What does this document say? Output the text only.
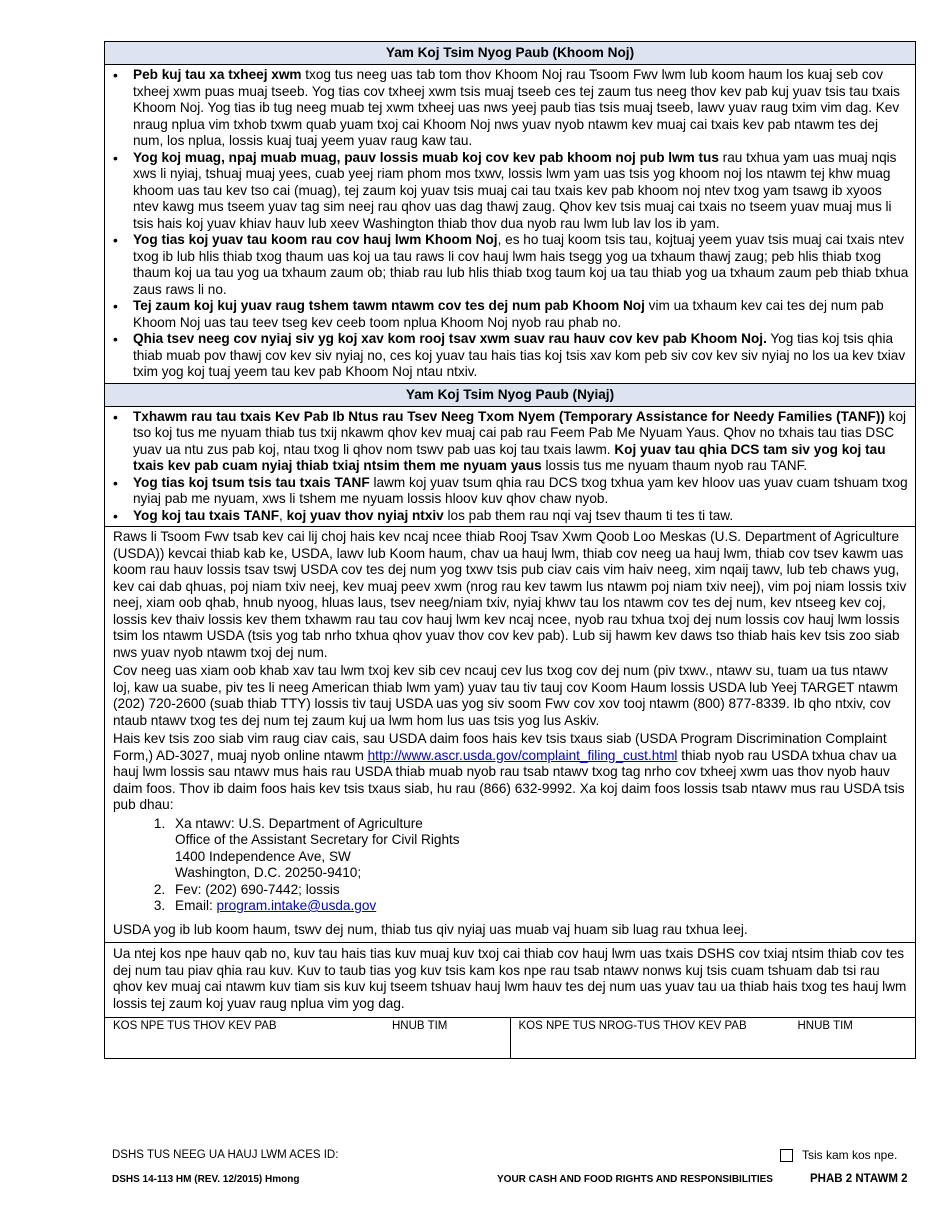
Yam Koj Tsim Nyog Paub (Khoom Noj)
• Peb kuj tau xa txheej xwm txog tus neeg uas tab tom thov Khoom Noj rau Tsoom Fwv lwm lub koom haum los kuaj seb cov txheej xwm puas muaj tseeb. Yog tias cov txheej xwm tsis muaj tseeb ces tej zaum tus neeg thov kev pab kuj yuav tsis tau txais Khoom Noj. Yog tias ib tug neeg muab tej xwm txheej uas nws yeej paub tias tsis muaj tseeb, lawv yuav raug txim vim dag. Kev nraug nplua vim txhob txwm quab yuam txoj cai Khoom Noj nws yuav nyob ntawm kev muaj cai txais kev pab ntawm tes dej num, los nplua, lossis kuaj tuaj yeem yuav raug kaw tau.
• Yog koj muag, npaj muab muag, pauv lossis muab koj cov kev pab khoom noj pub lwm tus rau txhua yam uas muaj nqis xws li nyiaj, tshuaj muaj yees, cuab yeej riam phom mos txwv, lossis lwm yam uas tsis yog khoom noj los ntawm tej khw muag khoom uas tau kev tso cai (muag), tej zaum koj yuav tsis muaj cai tau txais kev pab khoom noj ntev txog yam tsawg ib xyoos ntev kawg mus tseem yuav tag sim neej rau qhov uas dag thawj zaug. Qhov kev tsis muaj cai txais no tseem yuav muaj mus li tsis hais koj yuav khiav hauv lub xeev Washington thiab thov dua nyob rau lwm lub lav los ib yam.
• Yog tias koj yuav tau koom rau cov hauj lwm Khoom Noj, es ho tuaj koom tsis tau, kojtuaj yeem yuav tsis muaj cai txais ntev txog ib lub hlis thiab txog thaum uas koj ua tau raws li cov hauj lwm hais tsegg yog ua txhaum thawj zaug; peb hlis thiab txog thaum koj ua tau yog ua txhaum zaum ob; thiab rau lub hlis thiab txog taum koj ua tau thiab yog ua txhaum zaum peb thiab txhua zaus raws li no.
• Tej zaum koj kuj yuav raug tshem tawm ntawm cov tes dej num pab Khoom Noj vim ua txhaum kev cai tes dej num pab Khoom Noj uas tau teev tseg kev ceeb toom nplua Khoom Noj nyob rau phab no.
• Qhia tsev neeg cov nyiaj siv yg koj xav kom rooj tsav xwm suav rau hauv cov kev pab Khoom Noj. Yog tias koj tsis qhia thiab muab pov thawj cov kev siv nyiaj no, ces koj yuav tau hais tias koj tsis xav kom peb siv cov kev siv nyiaj no los ua kev txiav txim yog koj tuaj yeem tau kev pab Khoom Noj ntau ntxiv.
Yam Koj Tsim Nyog Paub (Nyiaj)
• Txhawm rau tau txais Kev Pab Ib Ntus rau Tsev Neeg Txom Nyem (Temporary Assistance for Needy Families (TANF)) koj tso koj tus me nyuam thiab tus txij nkawm qhov kev muaj cai pab rau Feem Pab Me Nyuam Yaus. Qhov no txhais tau tias DSC yuav ua ntu zus pab koj, ntau txog li qhov nom tswv pab uas koj tau txais lawm. Koj yuav tau qhia DCS tam siv yog koj tau txais kev pab cuam nyiaj thiab txiaj ntsim them me nyuam yaus lossis tus me nyuam thaum nyob rau TANF.
• Yog tias koj tsum tsis tau txais TANF lawm koj yuav tsum qhia rau DCS txog txhua yam kev hloov uas yuav cuam tshuam txog nyiaj pab me nyuam, xws li tshem me nyuam lossis hloov kuv qhov chaw nyob.
• Yog koj tau txais TANF, koj yuav thov nyiaj ntxiv los pab them rau nqi vaj tsev thaum ti tes ti taw.

Raws li Tsoom Fwv tsab kev cai lij choj hais kev ncaj ncee thiab Rooj Tsav Xwm Qoob Loo Meskas (U.S. Department of Agriculture (USDA)) kevcai thiab kab ke, USDA, lawv lub Koom haum, chav ua hauj lwm, thiab cov neeg ua hauj lwm, thiab cov tsev kawm uas koom rau hauv lossis tsav tswj USDA cov tes dej num yog txwv tsis pub ciav cais vim haiv neeg, xim nqaij tawv, lub teb chaws yug, kev cai dab qhuas, poj niam txiv neej, kev muaj peev xwm (nrog rau kev tawm lus ntawm poj niam txiv neej), vim poj niam lossis txiv neej, xiam oob qhab, hnub nyoog, hluas laus, tsev neeg/niam txiv, nyiaj khwv tau los ntawm cov tes dej num, kev ntseeg kev coj, lossis kev thaiv lossis kev them txhawm rau tau cov hauj lwm kev ncaj ncee, nyob rau txhua txoj dej num lossis cov hauj lwm lossis tsim los ntawm USDA (tsis yog tab nrho txhua qhov yuav thov cov kev pab). Lub sij hawm kev daws tso thiab hais kev tsis zoo siab nws yuav nyob ntawm txoj dej num.

Cov neeg uas xiam oob khab xav tau lwm txoj kev sib cev ncauj cev lus txog cov dej num (piv txwv., ntawv su, tuam ua tus ntawv loj, kaw ua suabe, piv tes li neeg American thiab lwm yam) yuav tau tiv tauj cov Koom Haum lossis USDA lub Yeej TARGET ntawm (202) 720-2600 (suab thiab TTY) lossis tiv tauj USDA uas yog siv soom Fwv cov xov tooj ntawm (800) 877-8339. Ib qho ntxiv, cov ntaub ntawv txog tes dej num tej zaum kuj ua lwm hom lus uas tsis yog lus Askiv.

Hais kev tsis zoo siab vim raug ciav cais, sau USDA daim foos hais kev tsis txaus siab (USDA Program Discrimination Complaint Form,) AD-3027, muaj nyob online ntawm http://www.ascr.usda.gov/complaint_filing_cust.html thiab nyob rau USDA txhua chav ua hauj lwm lossis sau ntawv mus hais rau USDA thiab muab nyob rau tsab ntawv txog tag nrho cov txheej xwm uas thov nyob hauv daim foos. Thov ib daim foos hais kev tsis txaus siab, hu rau (866) 632-9992. Xa koj daim foos lossis tsab ntawv mus rau USDA tsis pub dhau:

1. Xa ntawv: U.S. Department of Agriculture
Office of the Assistant Secretary for Civil Rights
1400 Independence Ave, SW
Washington, D.C. 20250-9410;
2. Fev: (202) 690-7442; lossis
3. Email: program.intake@usda.gov

USDA yog ib lub koom haum, tswv dej num, thiab tus qiv nyiaj uas muab vaj huam sib luag rau txhua leej.

Ua ntej kos npe hauv qab no, kuv tau hais tias kuv muaj kuv txoj cai thiab cov hauj lwm uas txais DSHS cov txiaj ntsim thiab cov tes dej num tau piav qhia rau kuv. Kuv to taub tias yog kuv tsis kam kos npe rau tsab ntawv nonws kuj tsis cuam tshuam dab tsi rau qhov kev muaj cai ntawm kuv tiam sis kuv kuj tseem tshuav hauj lwm hauv tes dej num uas yuav tau ua thiab hais txog tes hauj lwm lossis tej zaum koj yuav raug nplua vim yog dag.
KOS NPE TUS THOV KEV PAB	HNUB TIM	KOS NPE TUS NROG-TUS THOV KEV PAB	HNUB TIM
DSHS TUS NEEG UA HAUJ LWM ACES ID:	Tsis kam kos npe.
DSHS 14-113 HM (REV. 12/2015) Hmong	YOUR CASH AND FOOD RIGHTS AND RESPONSIBILITIES	PHAB 2 NTAWM 2
